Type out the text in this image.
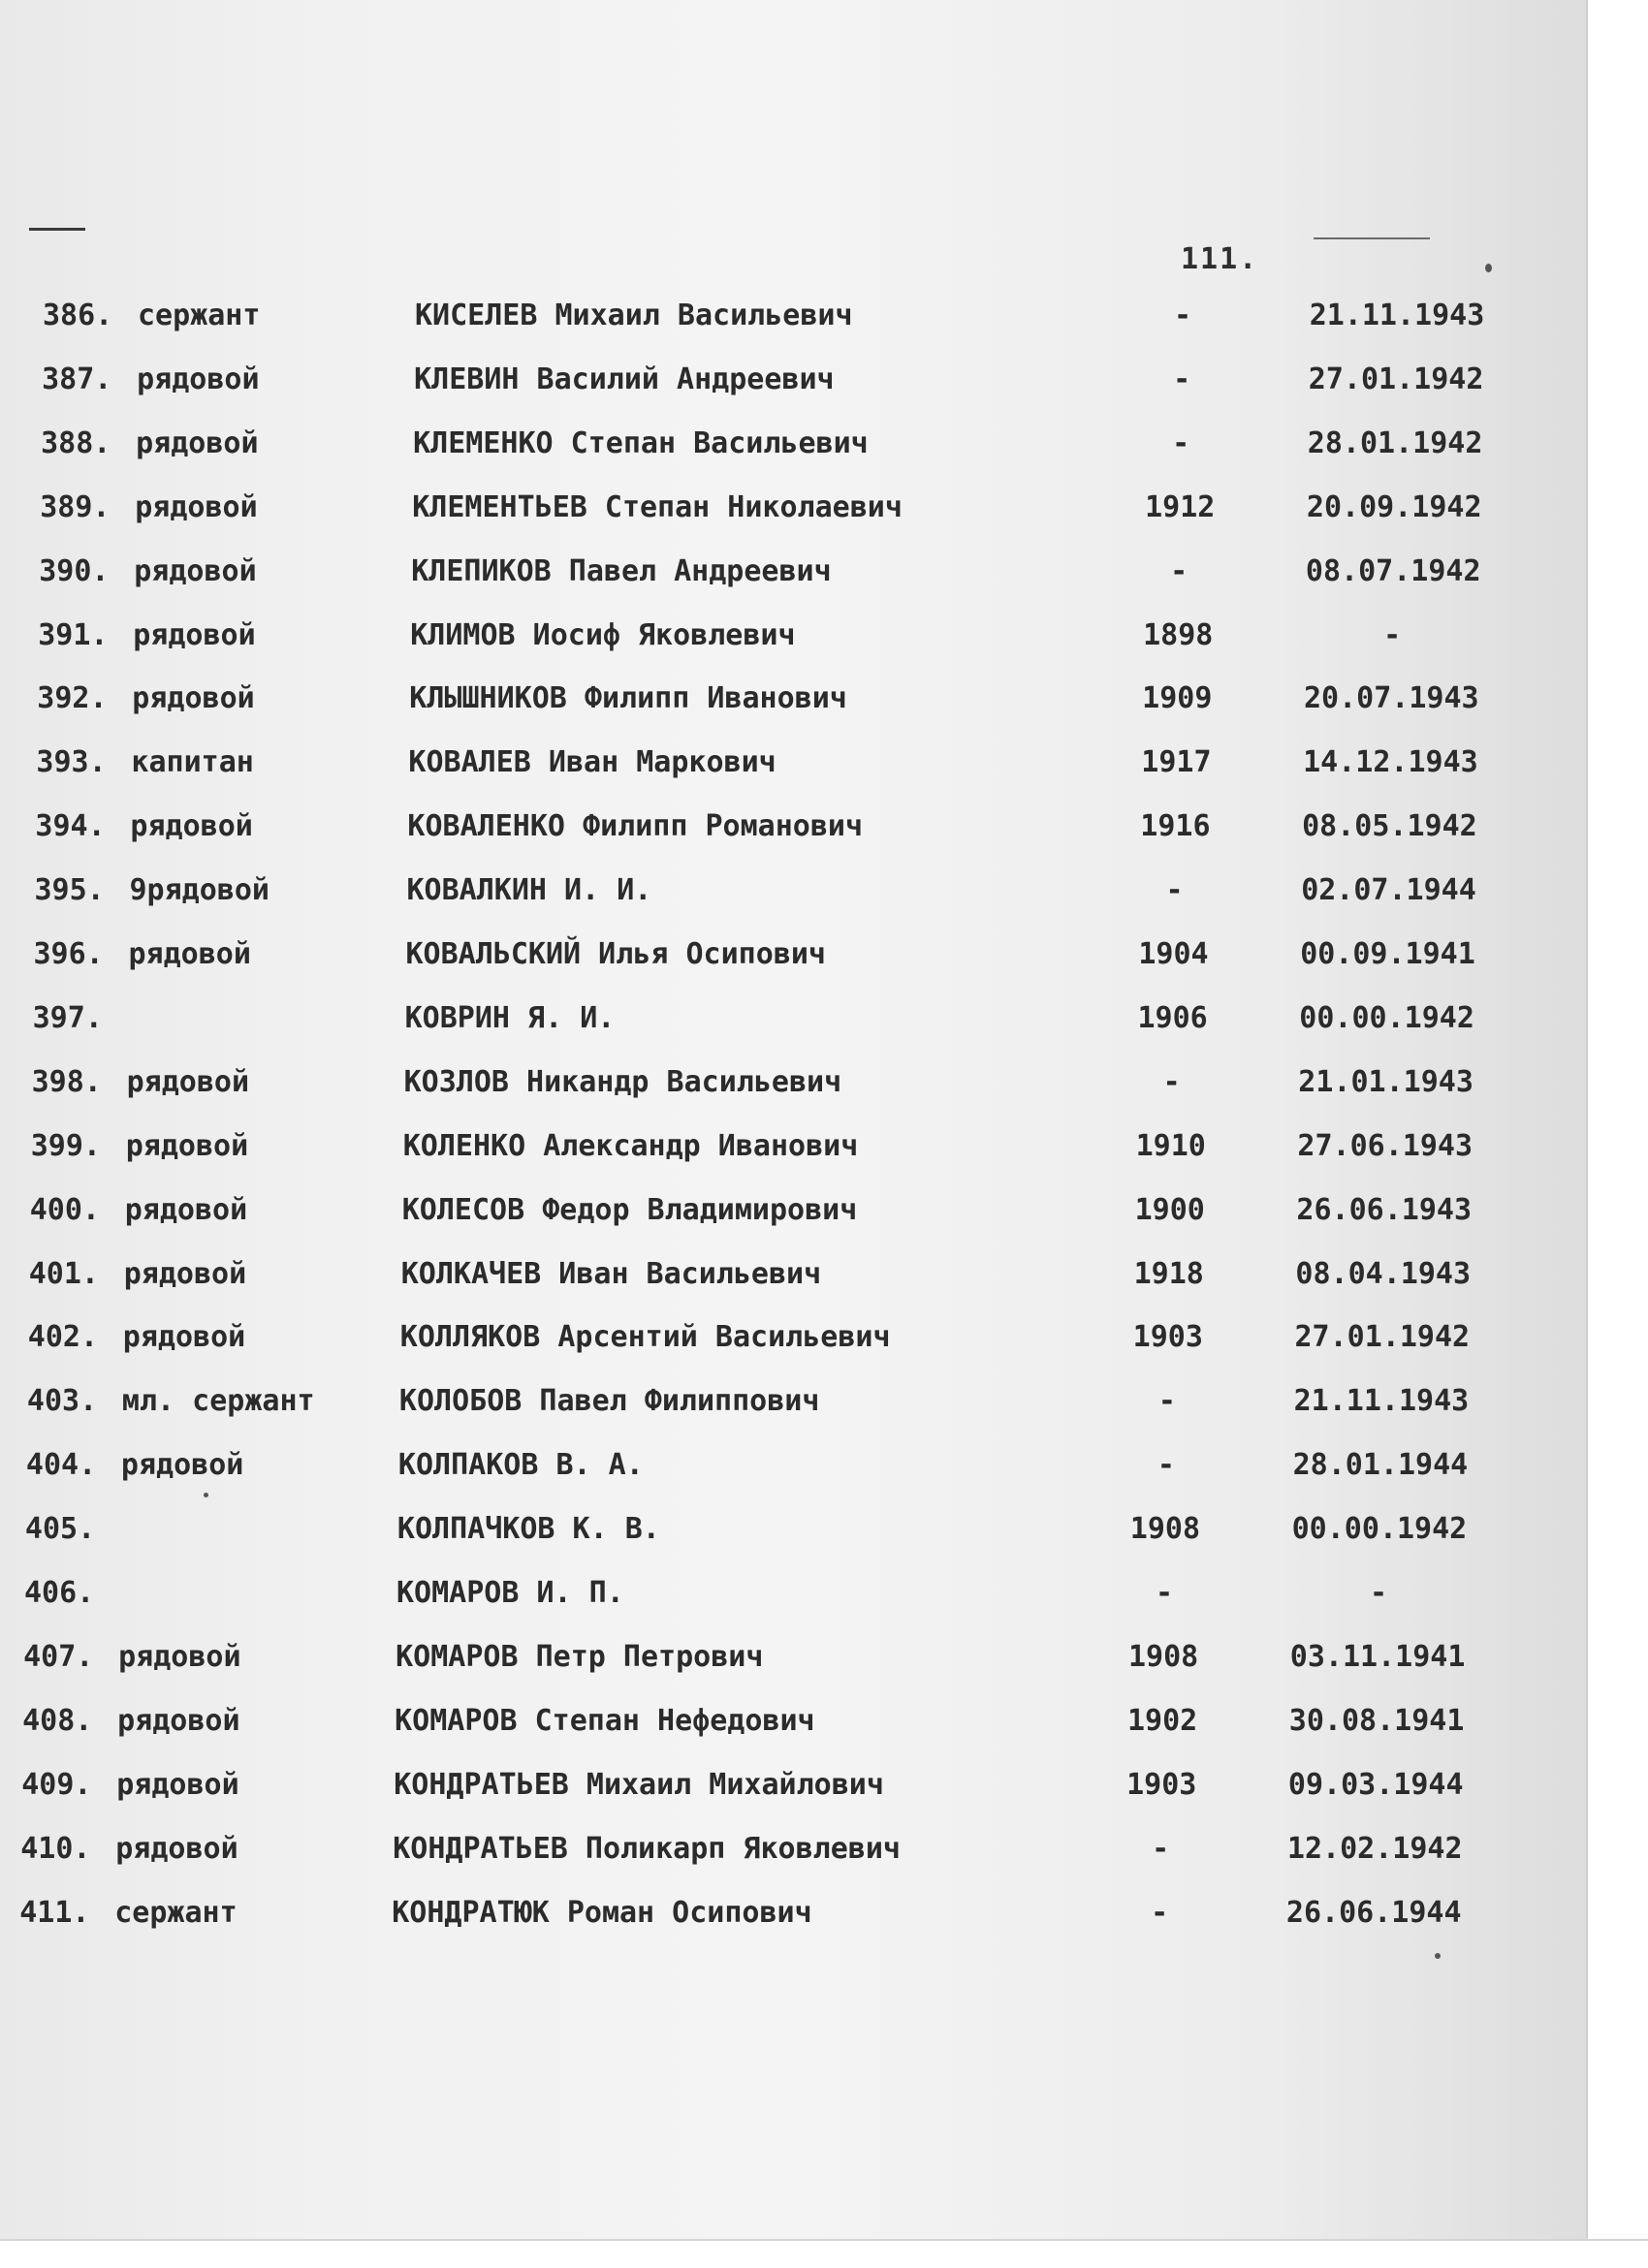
111.
386. сержант	КИСЕЛЕВ Михаил Васильевич	-	21.11.1943
387. рядовой	КЛЕВИН Василий Андреевич	-	27.01.1942
388. рядовой	КЛЕМЕНКО Степан Васильевич	-	28.01.1942
389. рядовой	КЛЕМЕНТЬЕВ Степан Николаевич	1912	20.09.1942
390. рядовой	КЛЕПИКОВ Павел Андреевич	-	08.07.1942
391. рядовой	КЛИМОВ Иосиф Яковлевич	1898	-
392. рядовой	КЛЫШНИКОВ Филипп Иванович	1909	20.07.1943
393. капитан	КОВАЛЕВ Иван Маркович	1917	14.12.1943
394. рядовой	КОВАЛЕНКО Филипп Романович	1916	08.05.1942
395. 9рядовой	КОВАЛКИН И. И.	-	02.07.1944
396. рядовой	КОВАЛЬСКИЙ Илья Осипович	1904	00.09.1941
397.	КОВРИН Я. И.	1906	00.00.1942
398. рядовой	КОЗЛОВ Никандр Васильевич	-	21.01.1943
399. рядовой	КОЛЕНКО Александр Иванович	1910	27.06.1943
400. рядовой	КОЛЕСОВ Федор Владимирович	1900	26.06.1943
401. рядовой	КОЛКАЧЕВ Иван Васильевич	1918	08.04.1943
402. рядовой	КОЛЛЯКОВ Арсентий Васильевич	1903	27.01.1942
403. мл. сержант	КОЛОБОВ Павел Филиппович	-	21.11.1943
404. рядовой	КОЛПАКОВ В. А.	-	28.01.1944
405.	КОЛПАЧКОВ К. В.	1908	00.00.1942
406.	КОМАРОВ И. П.	-	-
407. рядовой	КОМАРОВ Петр Петрович	1908	03.11.1941
408. рядовой	КОМАРОВ Степан Нефедович	1902	30.08.1941
409. рядовой	КОНДРАТЬЕВ Михаил Михайлович	1903	09.03.1944
410. рядовой	КОНДРАТЬЕВ Поликарп Яковлевич	-	12.02.1942
411. сержант	КОНДРАТЮК Роман Осипович	-	26.06.1944
